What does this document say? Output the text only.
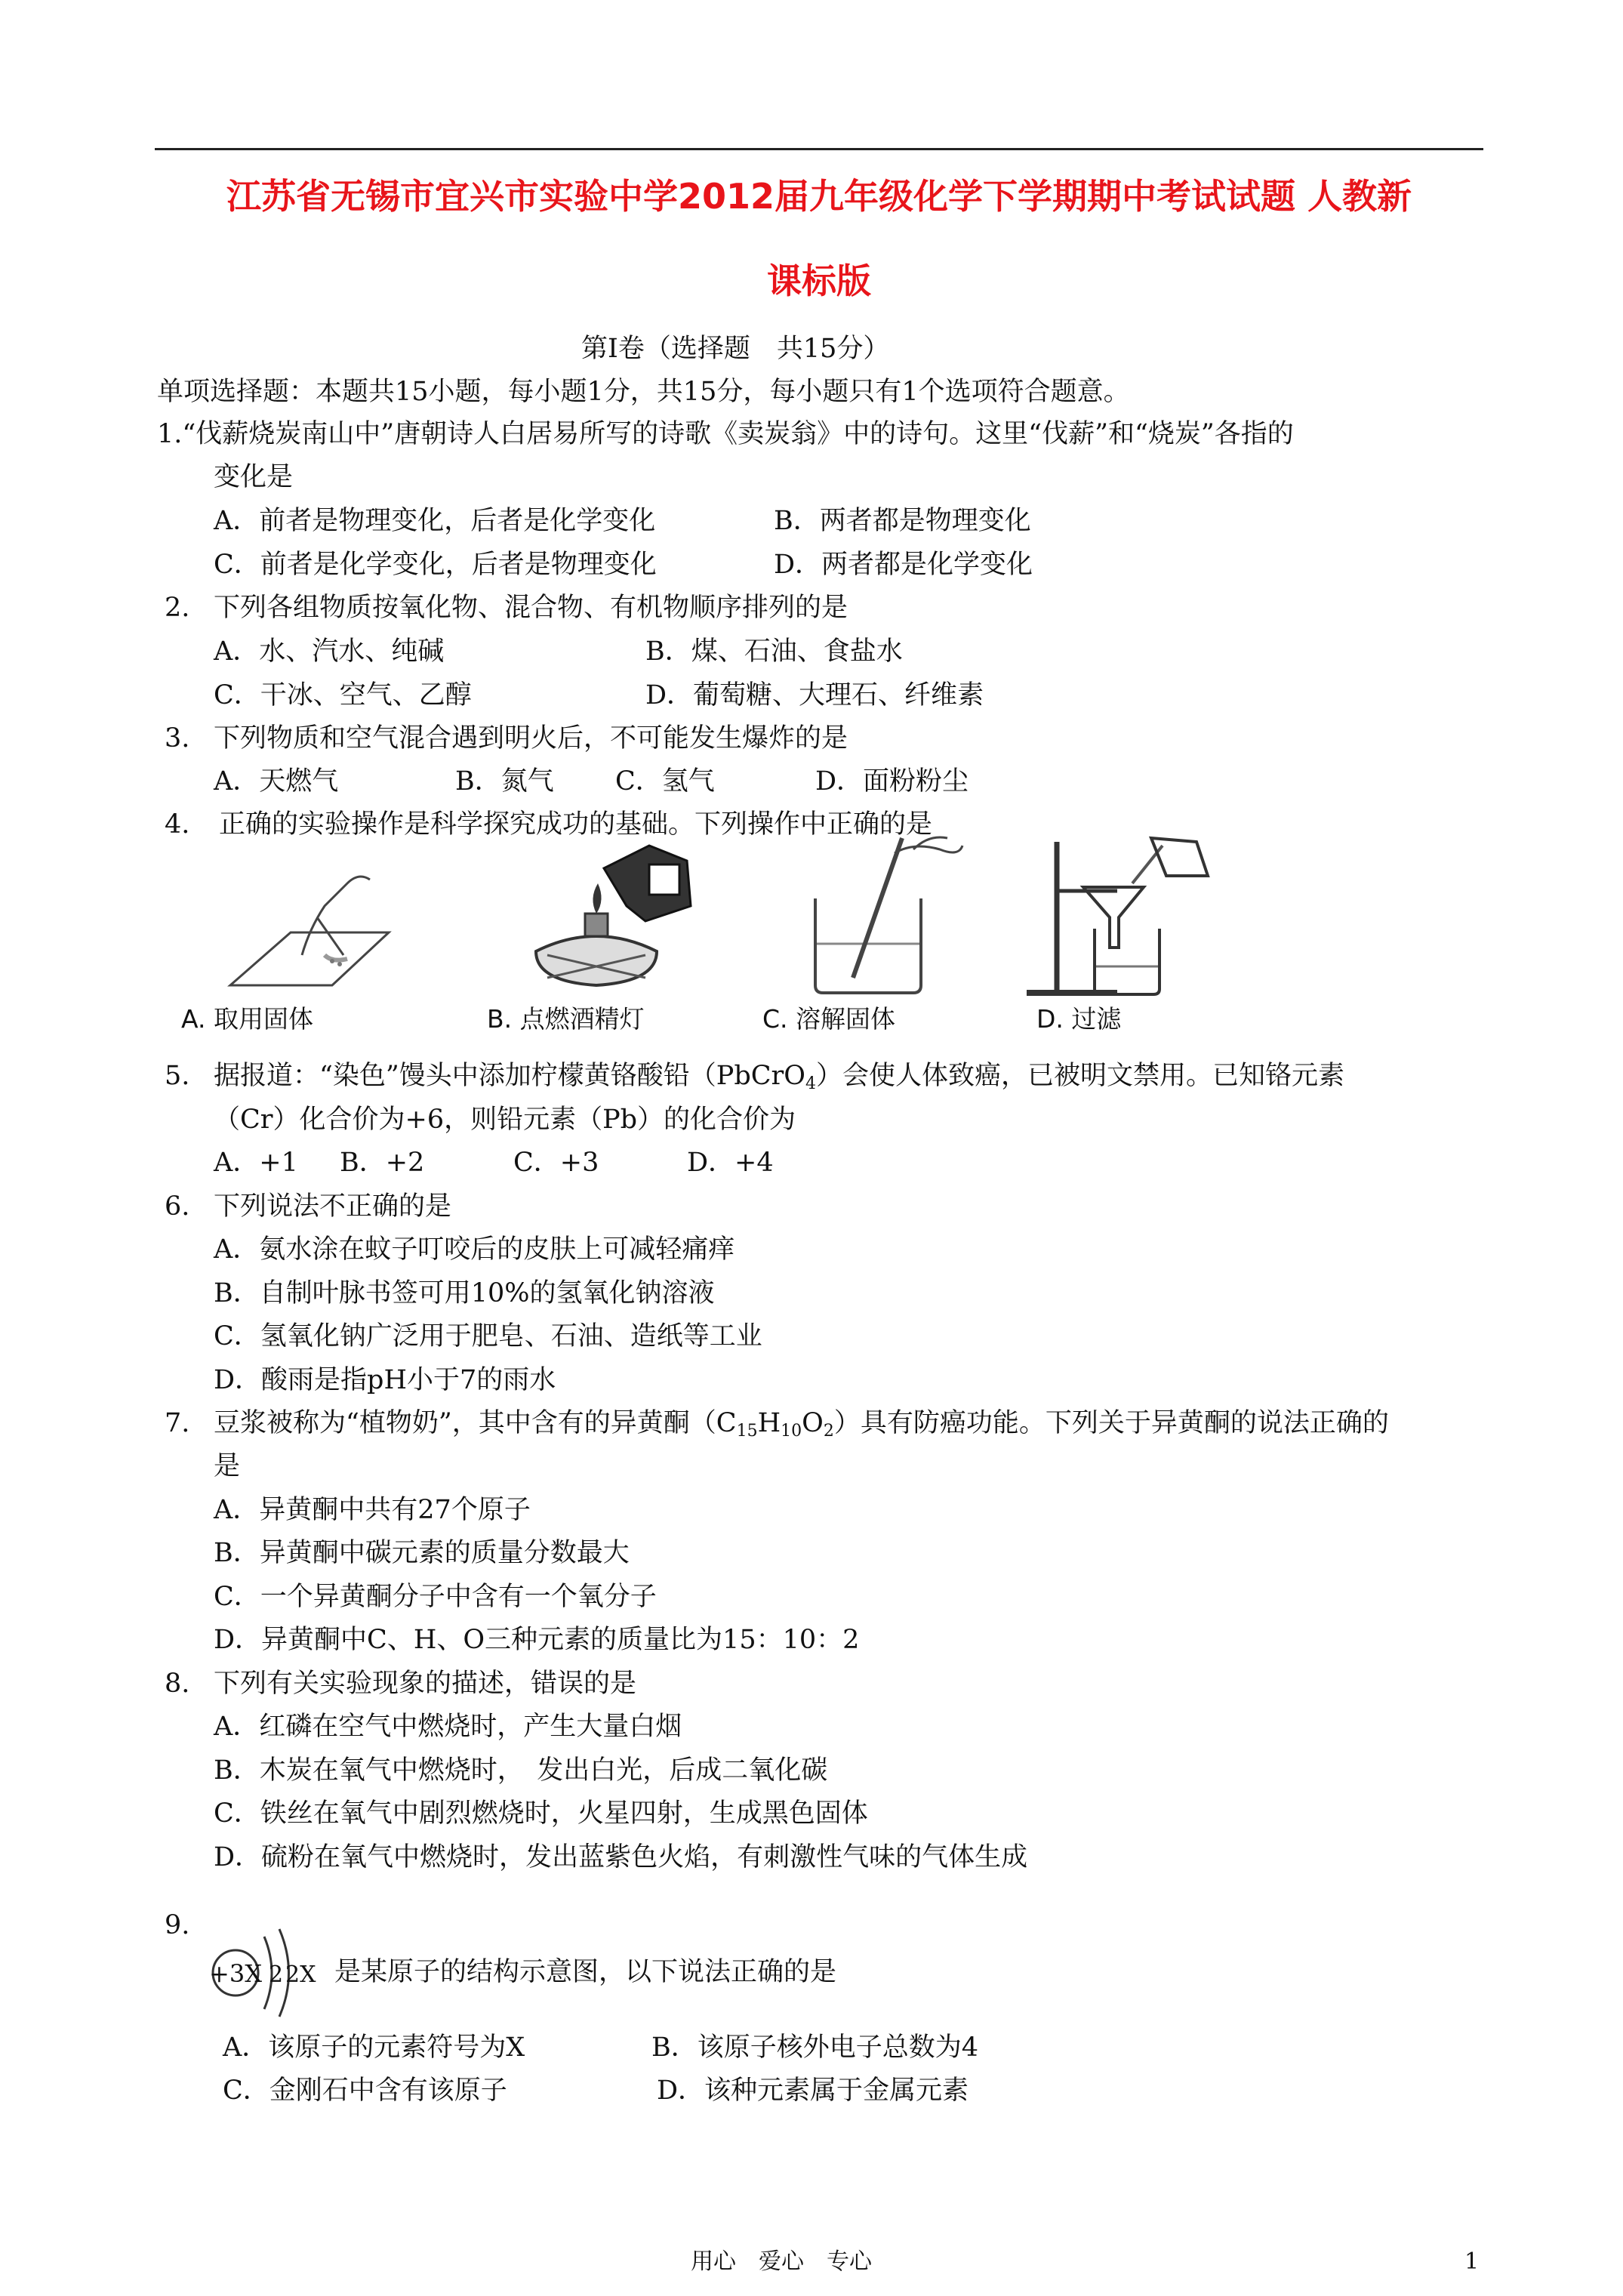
江苏省无锡市宜兴市实验中学2012届九年级化学下学期期中考试试题 人教新
课标版
第Ⅰ卷（选择题　共15分）
单项选择题：本题共15小题，每小题1分，共15分，每小题只有1个选项符合题意。
1.“伐薪烧炭南山中”唐朝诗人白居易所写的诗歌《卖炭翁》中的诗句。这里“伐薪”和“烧炭”各指的
变化是
A．前者是物理变化，后者是化学变化	B．两者都是物理变化
C．前者是化学变化，后者是物理变化	D．两者都是化学变化
2. 下列各组物质按氧化物、混合物、有机物顺序排列的是
A．水、汽水、纯碱	B．煤、石油、食盐水
C．干冰、空气、乙醇	D．葡萄糖、大理石、纤维素
3. 下列物质和空气混合遇到明火后，不可能发生爆炸的是
A．天燃气	B．氮气 C．氢气	D．面粉粉尘
4. 正确的实验操作是科学探究成功的基础。下列操作中正确的是
A. 取用固体	B. 点燃酒精灯	C. 溶解固体	D. 过滤
5. 据报道：“染色”馒头中添加柠檬黄铬酸铅（PbCrO$_4$）会使人体致癌，已被明文禁用。已知铬元素
（Cr）化合价为+6，则铅元素（Pb）的化合价为
A．+1 B．+2	C．+3	D．+4
6. 下列说法不正确的是
A．氨水涂在蚊子叮咬后的皮肤上可减轻痛痒
B．自制叶脉书签可用10%的氢氧化钠溶液
C．氢氧化钠广泛用于肥皂、石油、造纸等工业
D．酸雨是指pH小于7的雨水
7. 豆浆被称为“植物奶”，其中含有的异黄酮$(C_{15}H_{10}O_2)$具有防癌功能。下列关于异黄酮的说法正确的
是
A．异黄酮中共有27个原子
B．异黄酮中碳元素的质量分数最大
C．一个异黄酮分子中含有一个氧分子
D．异黄酮中C、H、O三种元素的质量比为15：10：2
8. 下列有关实验现象的描述，错误的是
A．红磷在空气中燃烧时，产生大量白烟
B．木炭在氧气中燃烧时，　发出白光，后成二氧化碳
C．铁丝在氧气中剧烈燃烧时，火星四射，生成黑色固体
D．硫粉在氧气中燃烧时，发出蓝紫色火焰，有刺激性气味的气体生成
9.
+3X 2 2X 是某原子的结构示意图，以下说法正确的是
A．该原子的元素符号为X	B．该原子核外电子总数为4
C．金刚石中含有该原子	D．该种元素属于金属元素
用心　爱心　专心	1
